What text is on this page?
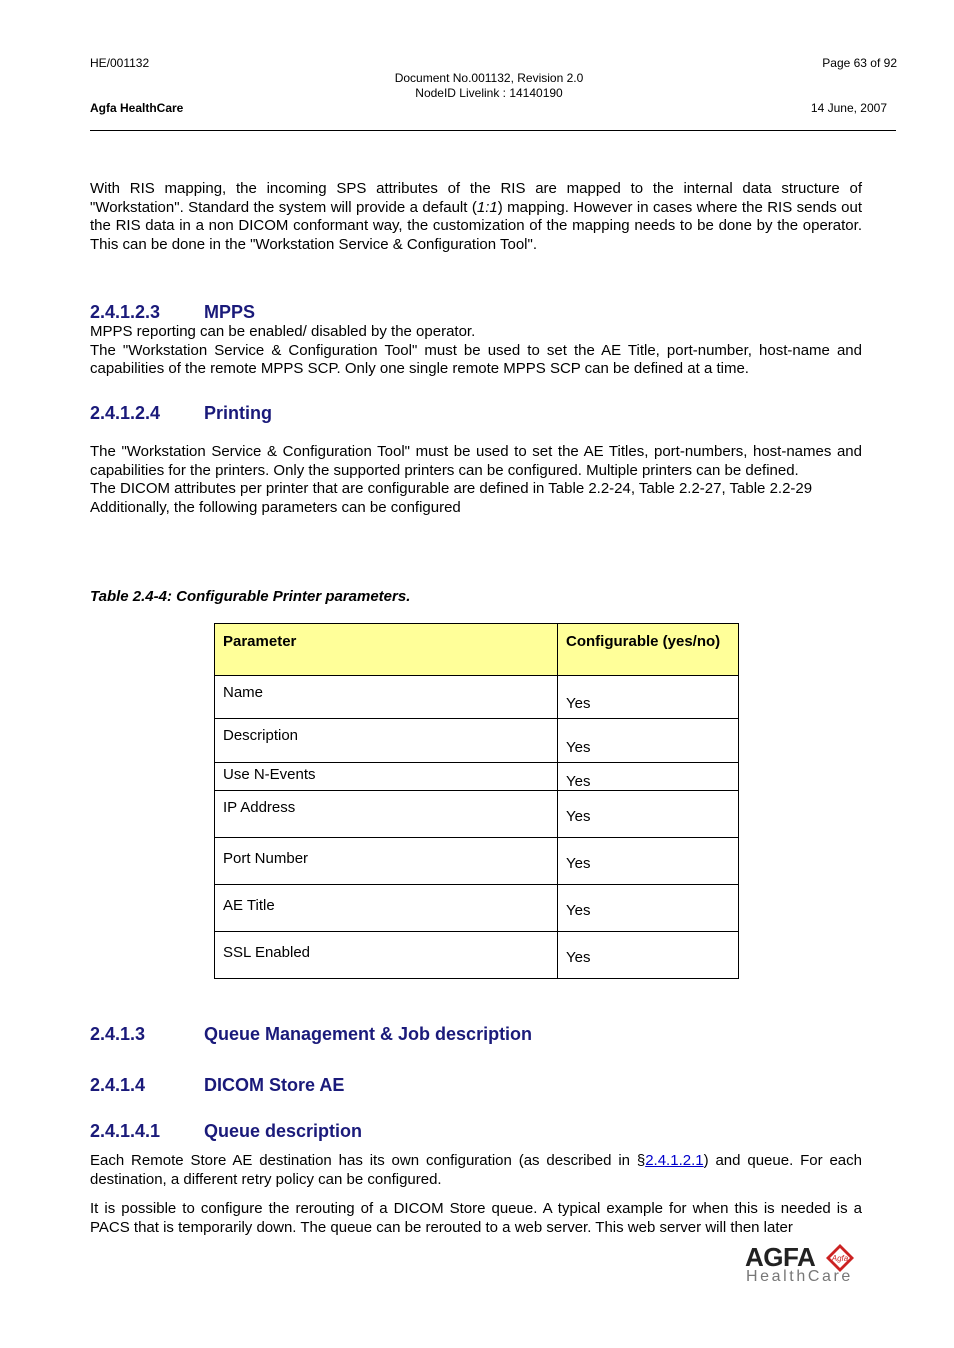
HE/001132	Page 63 of 92
Document No.001132, Revision 2.0
NodeID Livelink : 14140190
Agfa HealthCare	14 June, 2007

With RIS mapping, the incoming SPS attributes of the RIS are mapped to the internal data structure of "Workstation". Standard the system will provide a default (1:1) mapping. However in cases where the RIS sends out the RIS data in a non DICOM conformant way, the customization of the mapping needs to be done by the operator. This can be done in the "Workstation Service & Configuration Tool".

2.4.1.2.3 MPPS

MPPS reporting can be enabled/ disabled by the operator.

The "Workstation Service & Configuration Tool" must be used to set the AE Title, port-number, host-name and capabilities of the remote MPPS SCP. Only one single remote MPPS SCP can be defined at a time.

2.4.1.2.4 Printing

The "Workstation Service & Configuration Tool" must be used to set the AE Titles, port-numbers, host-names and capabilities for the printers. Only the supported printers can be configured. Multiple printers can be defined.

The DICOM attributes per printer that are configurable are defined in Table 2.2-24, Table 2.2-27, Table 2.2-29

Additionally, the following parameters can be configured

Table 2.4-4: Configurable Printer parameters.
Parameter	Configurable (yes/no)
Name	Yes
Description	Yes
Use N-Events	Yes
IP Address	Yes
Port Number	Yes
AE Title	Yes
SSL Enabled	Yes
2.4.1.3	Queue Management & Job description
2.4.1.4	DICOM Store AE
2.4.1.4.1 Queue description

Each Remote Store AE destination has its own configuration (as described in §2.4.1.2.1) and queue. For each destination, a different retry policy can be configured.

It is possible to configure the rerouting of a DICOM Store queue. A typical example for when this is needed is a PACS that is temporarily down. The queue can be rerouted to a web server. This web server will then later

AGFA Agfa
HealthCare
